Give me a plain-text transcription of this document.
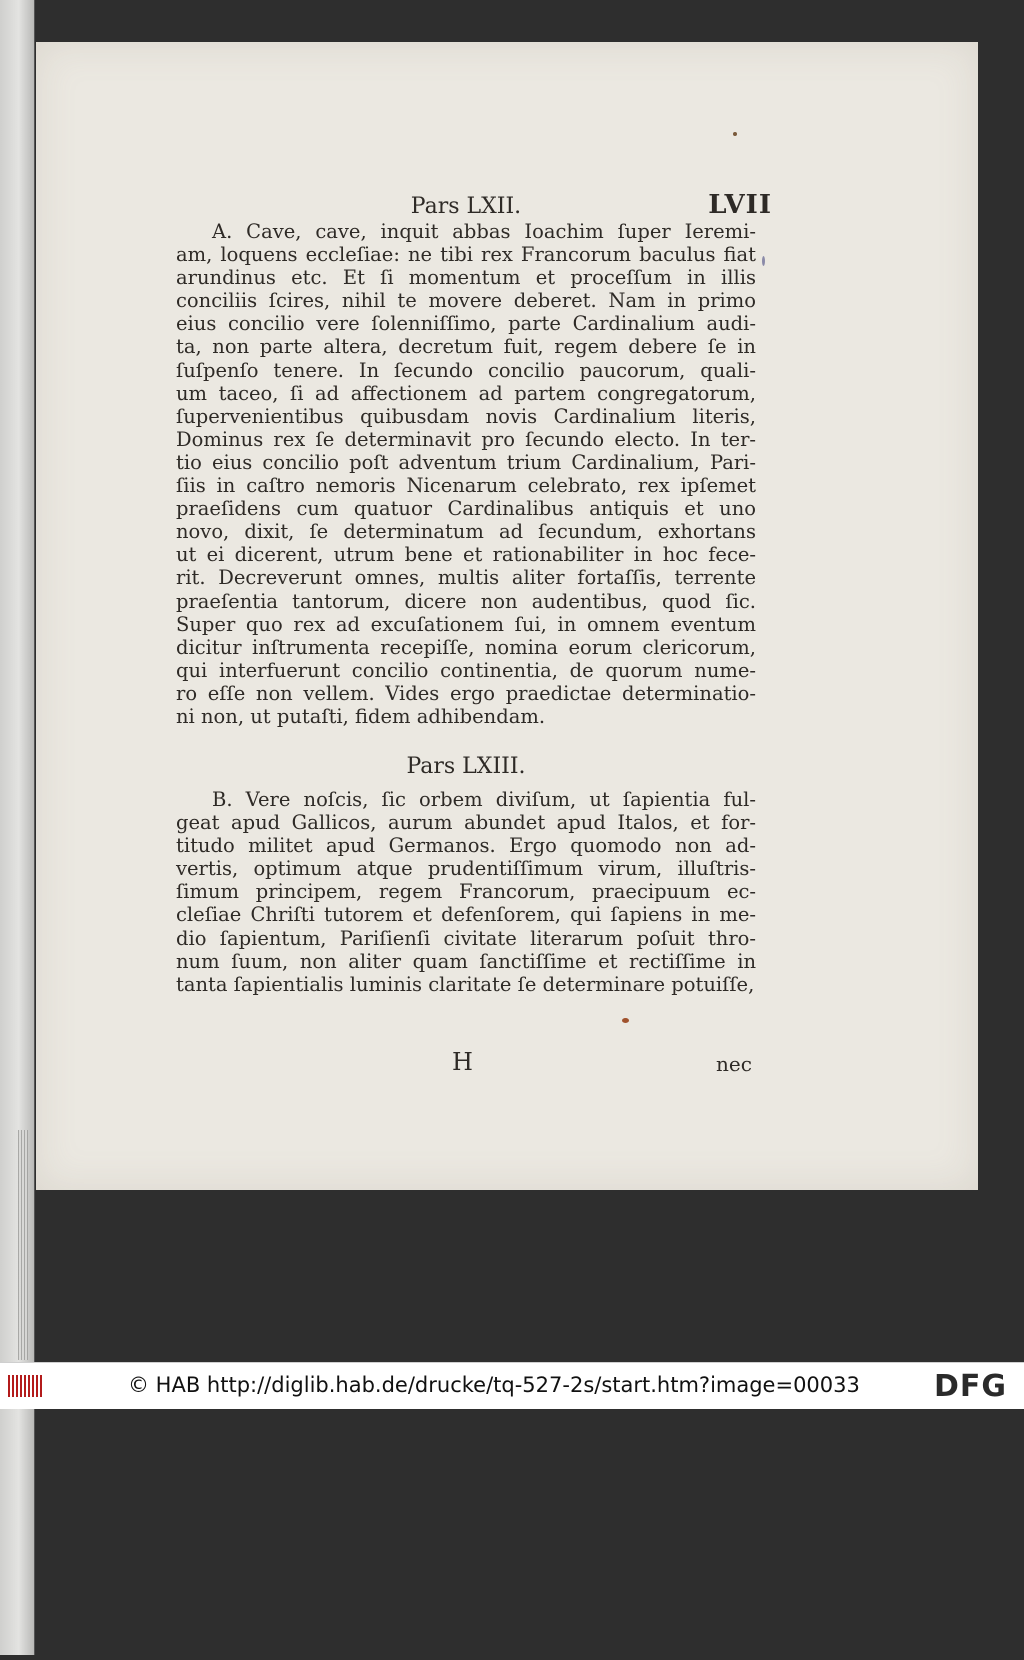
LVII
Pars LXII.
A. Cave, cave, inquit abbas Ioachim ſuper Ieremi-
am, loquens eccleſiae: ne tibi rex Francorum baculus fiat
arundinus etc. Et ſi momentum et proceſſum in illis
conciliis ſcires, nihil te movere deberet. Nam in primo
eius concilio vere ſolenniſſimo, parte Cardinalium audi-
ta, non parte altera, decretum fuit, regem debere ſe in
ſuſpenſo tenere. In ſecundo concilio paucorum, quali-
um taceo, ſi ad affectionem ad partem congregatorum,
ſupervenientibus quibusdam novis Cardinalium literis,
Dominus rex ſe determinavit pro ſecundo electo. In ter-
tio eius concilio poſt adventum trium Cardinalium, Pari-
ſiis in caſtro nemoris Nicenarum celebrato, rex ipſemet
praeſidens cum quatuor Cardinalibus antiquis et uno
novo, dixit, ſe determinatum ad ſecundum, exhortans
ut ei dicerent, utrum bene et rationabiliter in hoc fece-
rit. Decreverunt omnes, multis aliter fortaſſis, terrente
praeſentia tantorum, dicere non audentibus, quod ſic.
Super quo rex ad excuſationem ſui, in omnem eventum
dicitur inſtrumenta recepiſſe, nomina eorum clericorum,
qui interfuerunt concilio continentia, de quorum nume-
ro eſſe non vellem. Vides ergo praedictae determinatio-
ni non, ut putaſti, fidem adhibendam.
Pars LXIII.
B. Vere noſcis, ſic orbem diviſum, ut ſapientia ful-
geat apud Gallicos, aurum abundet apud Italos, et for-
titudo militet apud Germanos. Ergo quomodo non ad-
vertis, optimum atque prudentiſſimum virum, illuſtris-
ſimum principem, regem Francorum, praecipuum ec-
cleſiae Chriſti tutorem et defenſorem, qui ſapiens in me-
dio ſapientum, Pariſienſi civitate literarum poſuit thro-
num ſuum, non aliter quam ſanctiſſime et rectiſſime in
tanta ſapientialis luminis claritate ſe determinare potuiſſe,
H	nec
© HAB http://diglib.hab.de/drucke/tq-527-2s/start.htm?image=00033 DFG
